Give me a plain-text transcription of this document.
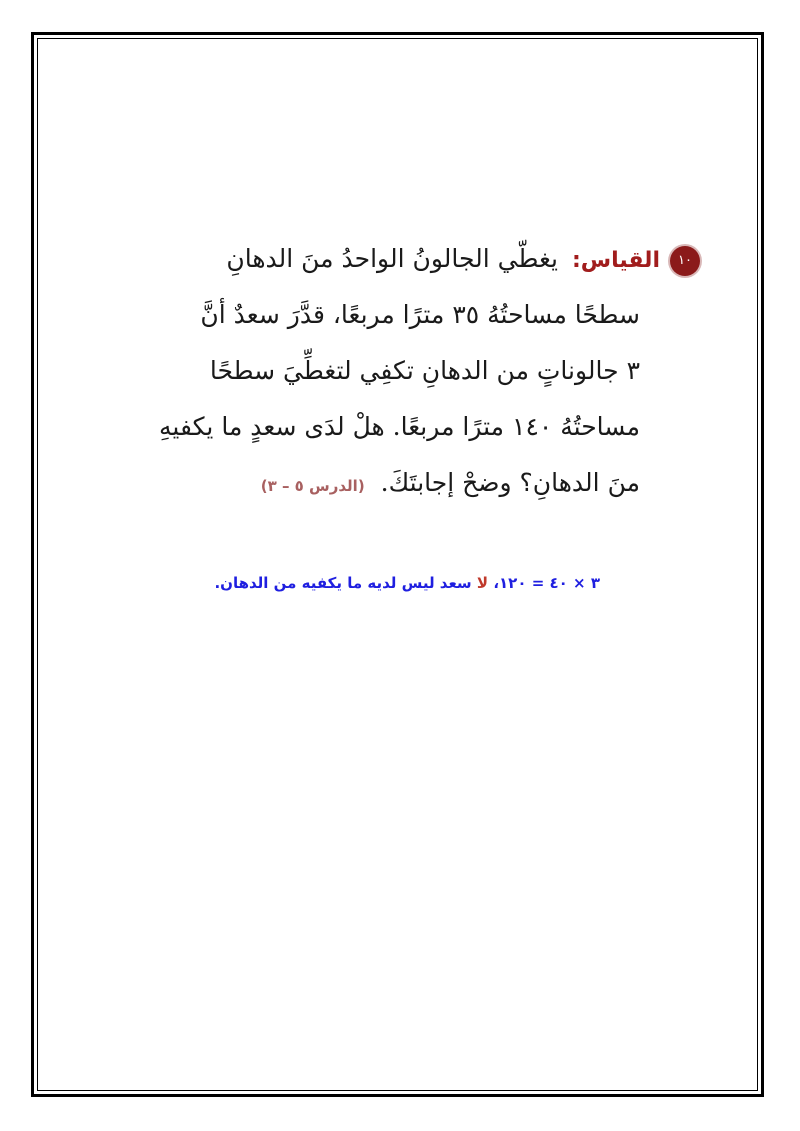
١٠القياس: يغطّي الجالونُ الواحدُ منَ الدهانِ
سطحًا مساحتُهُ ٣٥ مترًا مربعًا، قدَّرَ سعدٌ أنَّ
٣ جالوناتٍ من الدهانِ تكفِي لتغطِّيَ سطحًا
مساحتُهُ ١٤٠ مترًا مربعًا. هلْ لدَى سعدٍ ما يكفيهِ
منَ الدهانِ؟ وضحْ إجابتَكَ. (الدرس ٥ – ٣)
٣ × ٤٠ = ١٢٠، لا سعد ليس لديه ما يكفيه من الدهان.
